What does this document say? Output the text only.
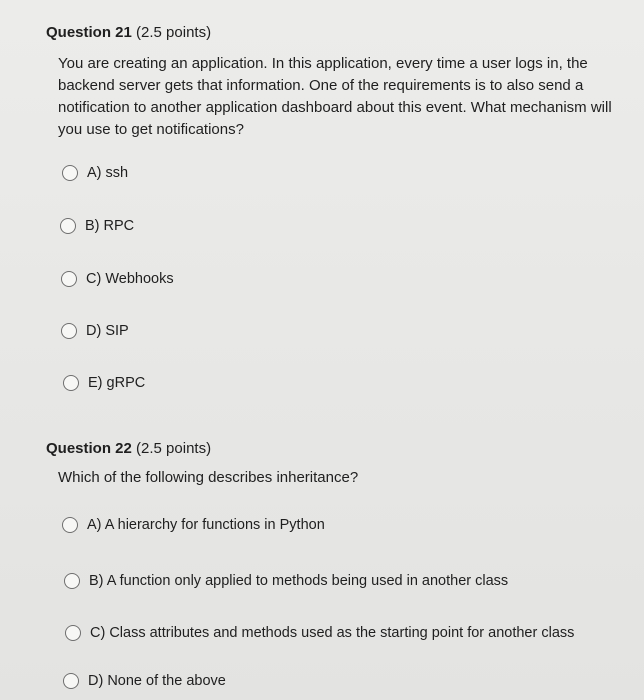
Question 21 (2.5 points)
You are creating an application. In this application, every time a user logs in, the backend server gets that information. One of the requirements is to also send a notification to another application dashboard about this event. What mechanism will you use to get notifications?
A) ssh
B) RPC
C) Webhooks
D) SIP
E) gRPC
Question 22 (2.5 points)
Which of the following describes inheritance?
A) A hierarchy for functions in Python
B) A function only applied to methods being used in another class
C) Class attributes and methods used as the starting point for another class
D) None of the above
